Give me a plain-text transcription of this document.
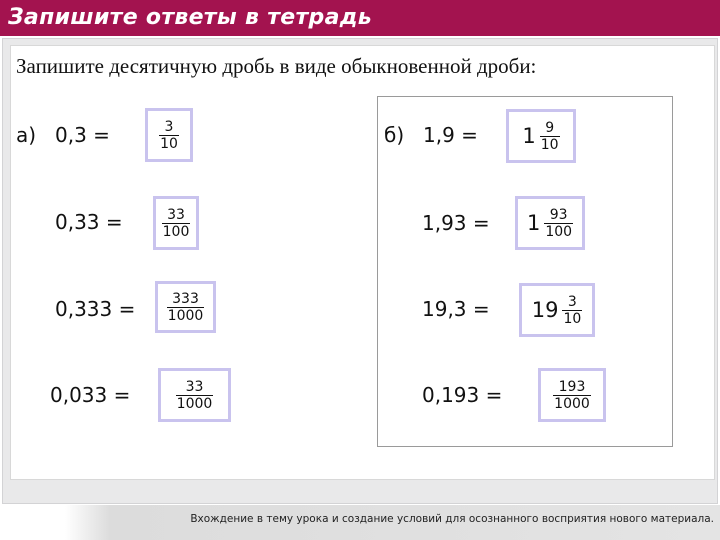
Запишите ответы в тетрадь
Запишите десятичную дробь в виде обыкновенной дроби:
а) 0,3 =	$\frac{3}{10}$
0,33 =	$\frac{33}{100}$
$0,333 = \frac{333}{1000}$
0,033 =	$\frac{33}{1000}$
б) $1,9 = 1 \frac{9}{10}$
$1,93 = 1 \frac{93}{100}$
$19,3 = 19 \frac{3}{10}$
0,193 =	$\frac{193}{1000}$
Вхождение в тему урока и создание условий для осознанного восприятия нового материала.
